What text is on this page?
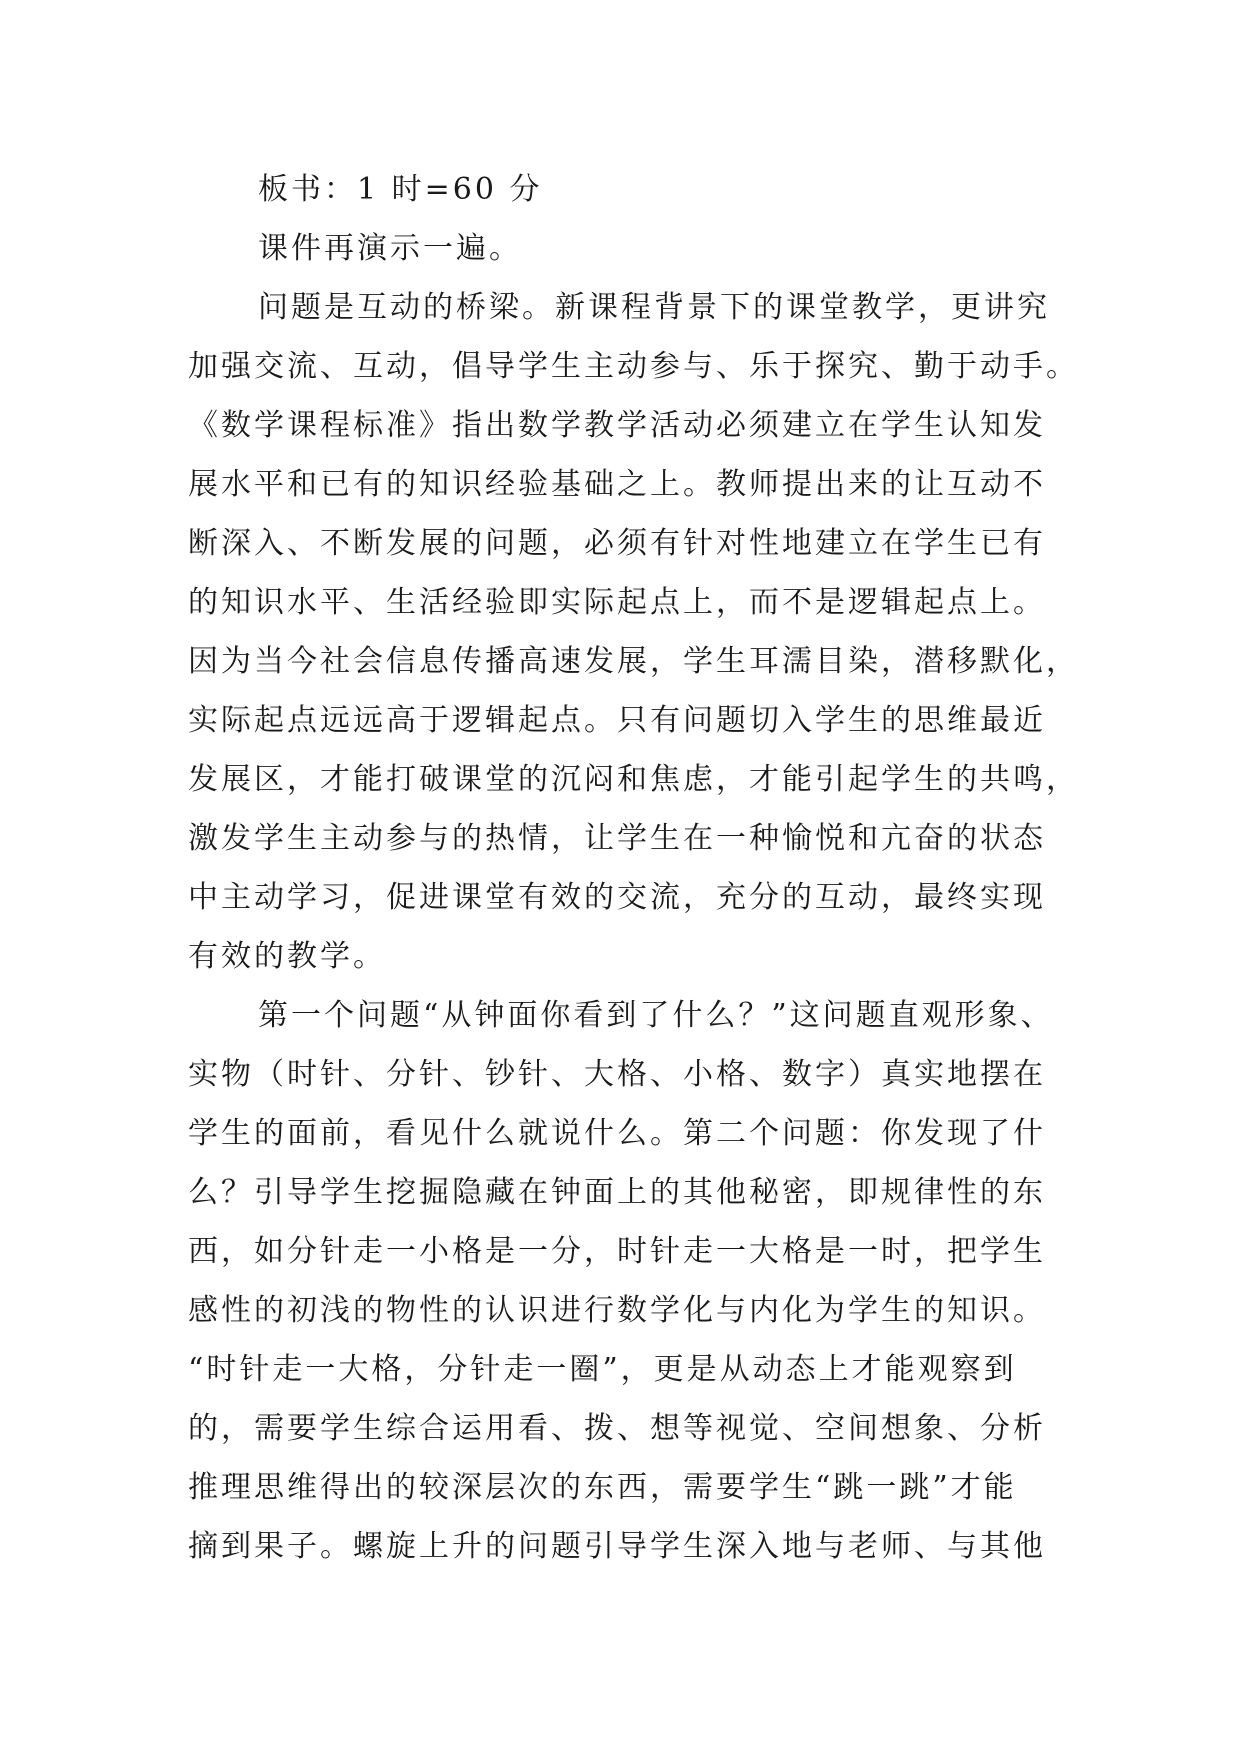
板书：1 时=60 分
课件再演示一遍。
问题是互动的桥梁。新课程背景下的课堂教学，更讲究
加强交流、互动，倡导学生主动参与、乐于探究、勤于动手。
《数学课程标准》指出数学教学活动必须建立在学生认知发
展水平和已有的知识经验基础之上。教师提出来的让互动不
断深入、不断发展的问题，必须有针对性地建立在学生已有
的知识水平、生活经验即实际起点上，而不是逻辑起点上。
因为当今社会信息传播高速发展，学生耳濡目染，潜移默化，
实际起点远远高于逻辑起点。只有问题切入学生的思维最近
发展区，才能打破课堂的沉闷和焦虑，才能引起学生的共鸣，
激发学生主动参与的热情，让学生在一种愉悦和亢奋的状态
中主动学习，促进课堂有效的交流，充分的互动，最终实现
有效的教学。
第一个问题“从钟面你看到了什么？”这问题直观形象、
实物（时针、分针、钞针、大格、小格、数字）真实地摆在
学生的面前，看见什么就说什么。第二个问题：你发现了什
么？引导学生挖掘隐藏在钟面上的其他秘密，即规律性的东
西，如分针走一小格是一分，时针走一大格是一时，把学生
感性的初浅的物性的认识进行数学化与内化为学生的知识。
“时针走一大格，分针走一圈”，更是从动态上才能观察到
的，需要学生综合运用看、拨、想等视觉、空间想象、分析
推理思维得出的较深层次的东西，需要学生“跳一跳”才能
摘到果子。螺旋上升的问题引导学生深入地与老师、与其他
